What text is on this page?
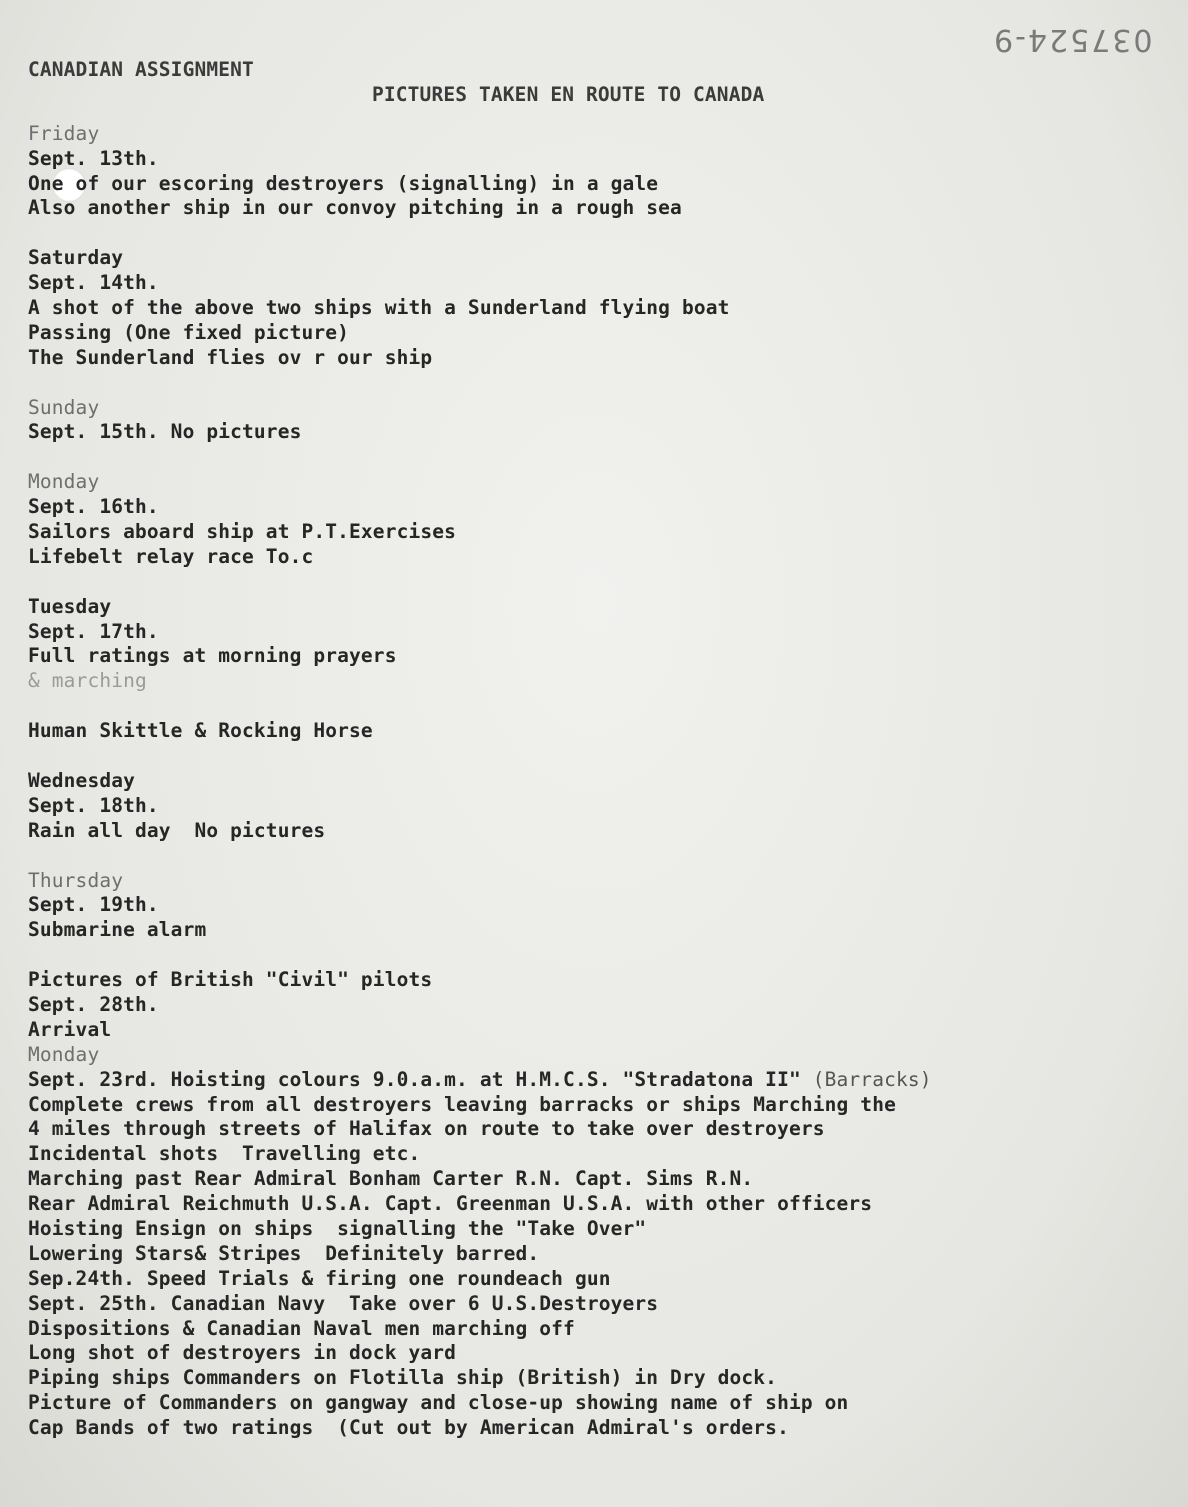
037524-9
CANADIAN ASSIGNMENT
PICTURES TAKEN EN ROUTE TO CANADA
Friday
Sept. 13th.
One of our escoring destroyers (signalling) in a gale
Also another ship in our convoy pitching in a rough sea
Saturday
Sept. 14th.
A shot of the above two ships with a Sunderland flying boat
Passing (One fixed picture)
The Sunderland flies ov r our ship
Sunday
Sept. 15th. No pictures
Monday
Sept. 16th.
Sailors aboard ship at P.T.Exercises
Lifebelt relay race To.c
Tuesday
Sept. 17th.
Full ratings at morning prayers
& marching
Human Skittle & Rocking Horse
Wednesday
Sept. 18th.
Rain all day  No pictures
Thursday
Sept. 19th.
Submarine alarm
Pictures of British "Civil" pilots
Sept. 28th.
Arrival
Monday
Sept. 23rd. Hoisting colours 9.0.a.m. at H.M.C.S. "Stradatona II" (Barracks)
Complete crews from all destroyers leaving barracks or ships Marching the
4 miles through streets of Halifax on route to take over destroyers
Incidental shots  Travelling etc.
Marching past Rear Admiral Bonham Carter R.N. Capt. Sims R.N.
Rear Admiral Reichmuth U.S.A. Capt. Greenman U.S.A. with other officers
Hoisting Ensign on ships  signalling the "Take Over"
Lowering Stars& Stripes  Definitely barred.
Sep.24th. Speed Trials & firing one roundeach gun
Sept. 25th. Canadian Navy  Take over 6 U.S.Destroyers
Dispositions & Canadian Naval men marching off
Long shot of destroyers in dock yard
Piping ships Commanders on Flotilla ship (British) in Dry dock.
Picture of Commanders on gangway and close-up showing name of ship on
Cap Bands of two ratings  (Cut out by American Admiral's orders.
